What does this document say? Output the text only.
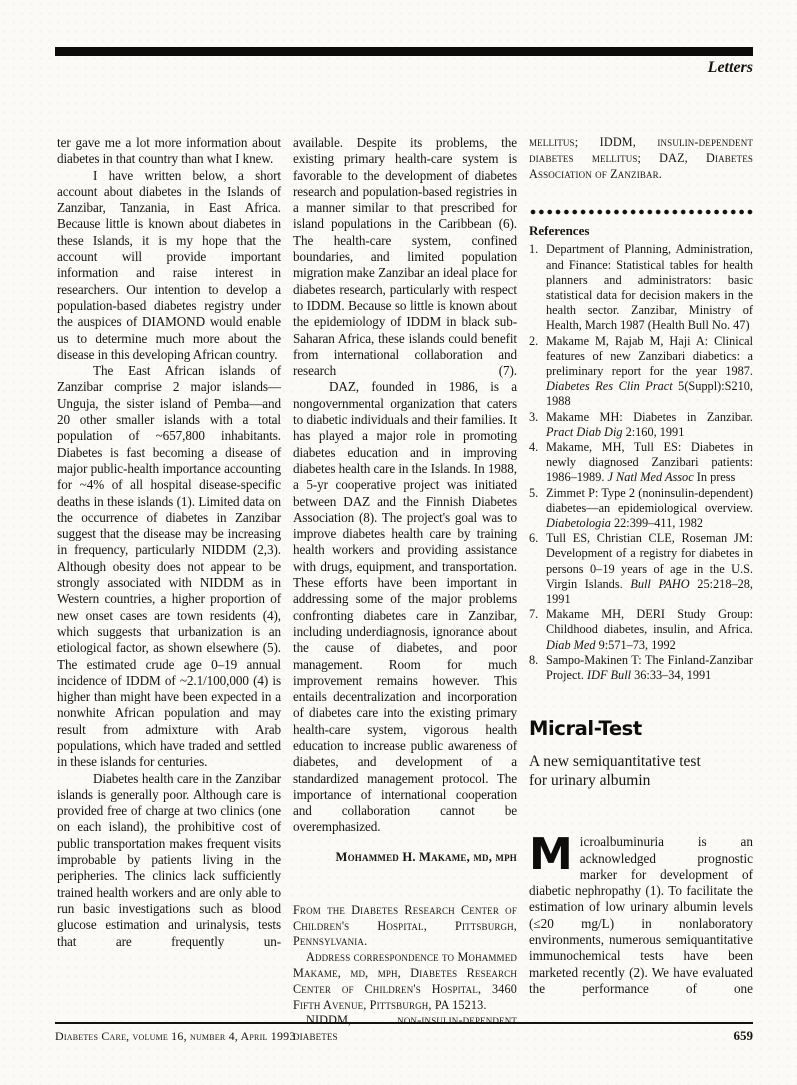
Letters

ter gave me a lot more information about diabetes in that country than what I knew.

I have written below, a short account about diabetes in the Islands of Zanzibar, Tanzania, in East Africa. Because little is known about diabetes in these Islands, it is my hope that the account will provide important information and raise interest in researchers. Our intention to develop a population-based diabetes registry under the auspices of DIAMOND would enable us to determine much more about the disease in this developing African country.

The East African islands of Zanzibar comprise 2 major islands—Unguja, the sister island of Pemba—and 20 other smaller islands with a total population of ~657,800 inhabitants. Diabetes is fast becoming a disease of major public-health importance accounting for ~4% of all hospital disease-specific deaths in these islands (1). Limited data on the occurrence of diabetes in Zanzibar suggest that the disease may be increasing in frequency, particularly NIDDM (2,3). Although obesity does not appear to be strongly associated with NIDDM as in Western countries, a higher proportion of new onset cases are town residents (4), which suggests that urbanization is an etiological factor, as shown elsewhere (5). The estimated crude age 0–19 annual incidence of IDDM of ~2.1/100,000 (4) is higher than might have been expected in a nonwhite African population and may result from admixture with Arab populations, which have traded and settled in these islands for centuries.

Diabetes health care in the Zanzibar islands is generally poor. Although care is provided free of charge at two clinics (one on each island), the prohibitive cost of public transportation makes frequent visits improbable by patients living in the peripheries. The clinics lack sufficiently trained health workers and are only able to run basic investigations such as blood glucose estimation and urinalysis, tests that are frequently un-

available. Despite its problems, the existing primary health-care system is favorable to the development of diabetes research and population-based registries in a manner similar to that prescribed for island populations in the Caribbean (6). The health-care system, confined boundaries, and limited population migration make Zanzibar an ideal place for diabetes research, particularly with respect to IDDM. Because so little is known about the epidemiology of IDDM in black sub-Saharan Africa, these islands could benefit from international collaboration and research (7).

DAZ, founded in 1986, is a nongovernmental organization that caters to diabetic individuals and their families. It has played a major role in promoting diabetes education and in improving diabetes health care in the Islands. In 1988, a 5-yr cooperative project was initiated between DAZ and the Finnish Diabetes Association (8). The project's goal was to improve diabetes health care by training health workers and providing assistance with drugs, equipment, and transportation. These efforts have been important in addressing some of the major problems confronting diabetes care in Zanzibar, including underdiagnosis, ignorance about the cause of diabetes, and poor management. Room for much improvement remains however. This entails decentralization and incorporation of diabetes care into the existing primary health-care system, vigorous health education to increase public awareness of diabetes, and development of a standardized management protocol. The importance of international cooperation and collaboration cannot be overemphasized.

Mohammed H. Makame, md, mph

From the Diabetes Research Center of Children's Hospital, Pittsburgh, Pennsylvania.

Address correspondence to Mohammed Makame, md, mph, Diabetes Research Center of Children's Hospital, 3460 Fifth Avenue, Pittsburgh, PA 15213.

NIDDM, non-insulin-dependent diabetes

mellitus; IDDM, insulin-dependent diabetes mellitus; DAZ, Diabetes Association of Zanzibar.

References
1. Department of Planning, Administration, and Finance: Statistical tables for health planners and administrators: basic statistical data for decision makers in the health sector. Zanzibar, Ministry of Health, March 1987 (Health Bull No. 47)
2. Makame M, Rajab M, Haji A: Clinical features of new Zanzibari diabetics: a preliminary report for the year 1987. Diabetes Res Clin Pract 5(Suppl):S210, 1988
3. Makame MH: Diabetes in Zanzibar. Pract Diab Dig 2:160, 1991
4. Makame, MH, Tull ES: Diabetes in newly diagnosed Zanzibari patients: 1986–1989. J Natl Med Assoc In press
5. Zimmet P: Type 2 (noninsulin-dependent) diabetes—an epidemiological overview. Diabetologia 22:399–411, 1982
6. Tull ES, Christian CLE, Roseman JM: Development of a registry for diabetes in persons 0–19 years of age in the U.S. Virgin Islands. Bull PAHO 25:218–28, 1991
7. Makame MH, DERI Study Group: Childhood diabetes, insulin, and Africa. Diab Med 9:571–73, 1992
8. Sampo-Makinen T: The Finland-Zanzibar Project. IDF Bull 36:33–34, 1991
Micral-Test
A new semiquantitative test for urinary albumin

Microalbuminuria is an acknowledged prognostic marker for development of diabetic nephropathy (1). To facilitate the estimation of low urinary albumin levels (≤20 mg/L) in nonlaboratory environments, numerous semiquantitative immunochemical tests have been marketed recently (2). We have evaluated the performance of one

Diabetes Care, volume 16, number 4, April 1993	659
